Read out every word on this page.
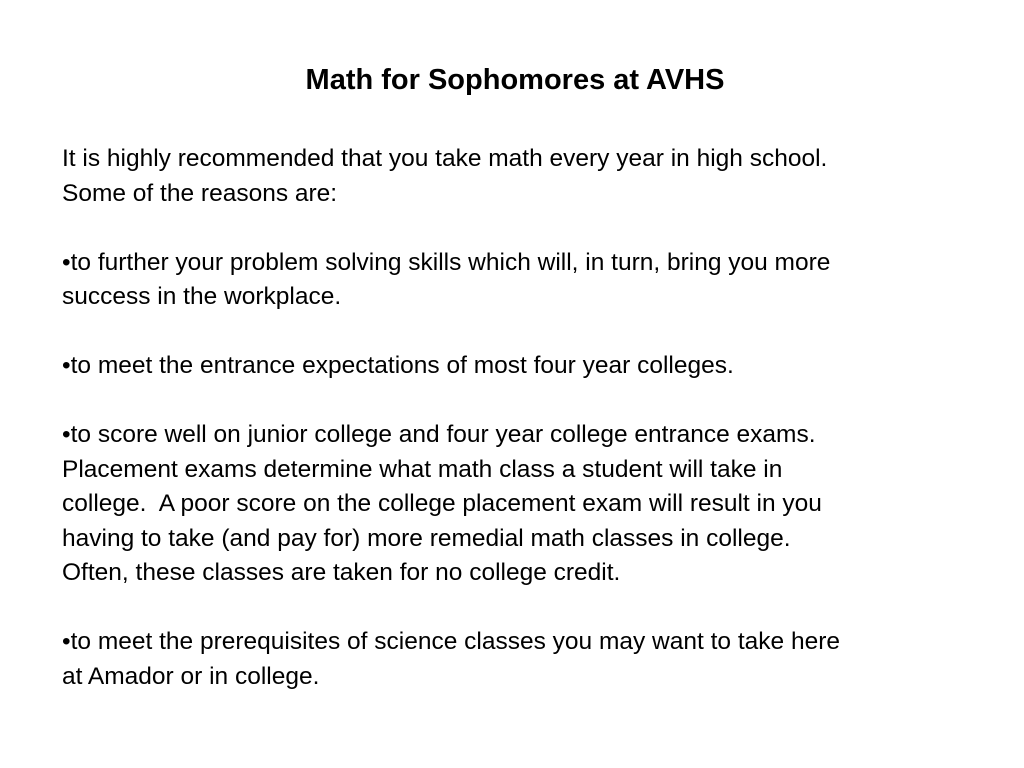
Math for Sophomores at AVHS

It is highly recommended that you take math every year in high school.
Some of the reasons are:

•to further your problem solving skills which will, in turn, bring you more
success in the workplace.

•to meet the entrance expectations of most four year colleges.

•to score well on junior college and four year college entrance exams.
Placement exams determine what math class a student will take in
college.  A poor score on the college placement exam will result in you
having to take (and pay for) more remedial math classes in college.
Often, these classes are taken for no college credit.

•to meet the prerequisites of science classes you may want to take here
at Amador or in college.
